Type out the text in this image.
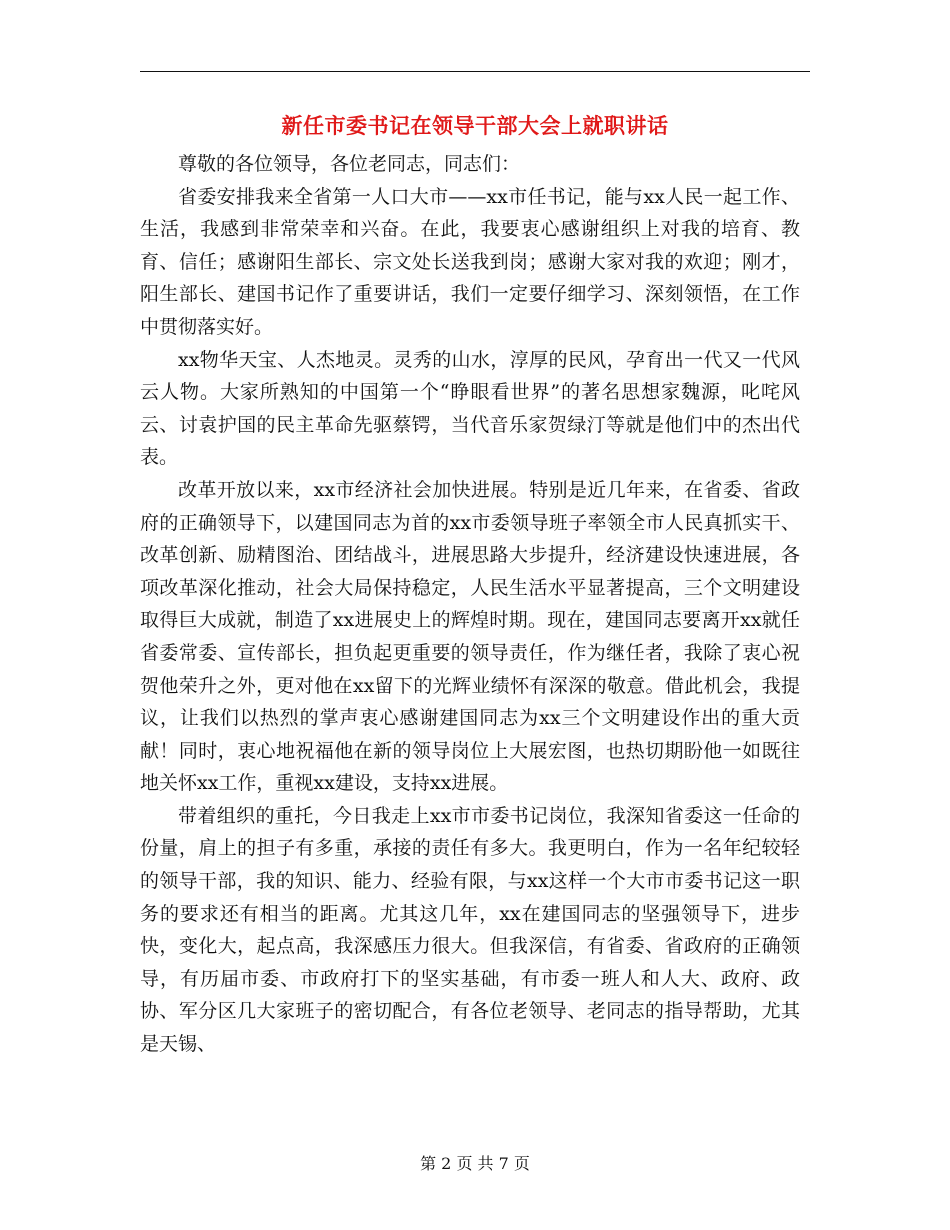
新任市委书记在领导干部大会上就职讲话

尊敬的各位领导，各位老同志，同志们：

省委安排我来全省第一人口大市——xx市任书记，能与xx人民一起工作、生活，我感到非常荣幸和兴奋。在此，我要衷心感谢组织上对我的培育、教育、信任；感谢阳生部长、宗文处长送我到岗；感谢大家对我的欢迎；刚才，阳生部长、建国书记作了重要讲话，我们一定要仔细学习、深刻领悟，在工作中贯彻落实好。

xx物华天宝、人杰地灵。灵秀的山水，淳厚的民风，孕育出一代又一代风云人物。大家所熟知的中国第一个“睁眼看世界”的著名思想家魏源，叱咤风云、讨袁护国的民主革命先驱蔡锷，当代音乐家贺绿汀等就是他们中的杰出代表。

改革开放以来，xx市经济社会加快进展。特别是近几年来，在省委、省政府的正确领导下，以建国同志为首的xx市委领导班子率领全市人民真抓实干、改革创新、励精图治、团结战斗，进展思路大步提升，经济建设快速进展，各项改革深化推动，社会大局保持稳定，人民生活水平显著提高，三个文明建设取得巨大成就，制造了xx进展史上的辉煌时期。现在，建国同志要离开xx就任省委常委、宣传部长，担负起更重要的领导责任，作为继任者，我除了衷心祝贺他荣升之外，更对他在xx留下的光辉业绩怀有深深的敬意。借此机会，我提议，让我们以热烈的掌声衷心感谢建国同志为xx三个文明建设作出的重大贡献！同时，衷心地祝福他在新的领导岗位上大展宏图，也热切期盼他一如既往地关怀xx工作，重视xx建设，支持xx进展。

带着组织的重托，今日我走上xx市市委书记岗位，我深知省委这一任命的份量，肩上的担子有多重，承接的责任有多大。我更明白，作为一名年纪较轻的领导干部，我的知识、能力、经验有限，与xx这样一个大市市委书记这一职务的要求还有相当的距离。尤其这几年，xx在建国同志的坚强领导下，进步快，变化大，起点高，我深感压力很大。但我深信，有省委、省政府的正确领导，有历届市委、市政府打下的坚实基础，有市委一班人和人大、政府、政协、军分区几大家班子的密切配合，有各位老领导、老同志的指导帮助，尤其是天锡、

第 2 页 共 7 页
